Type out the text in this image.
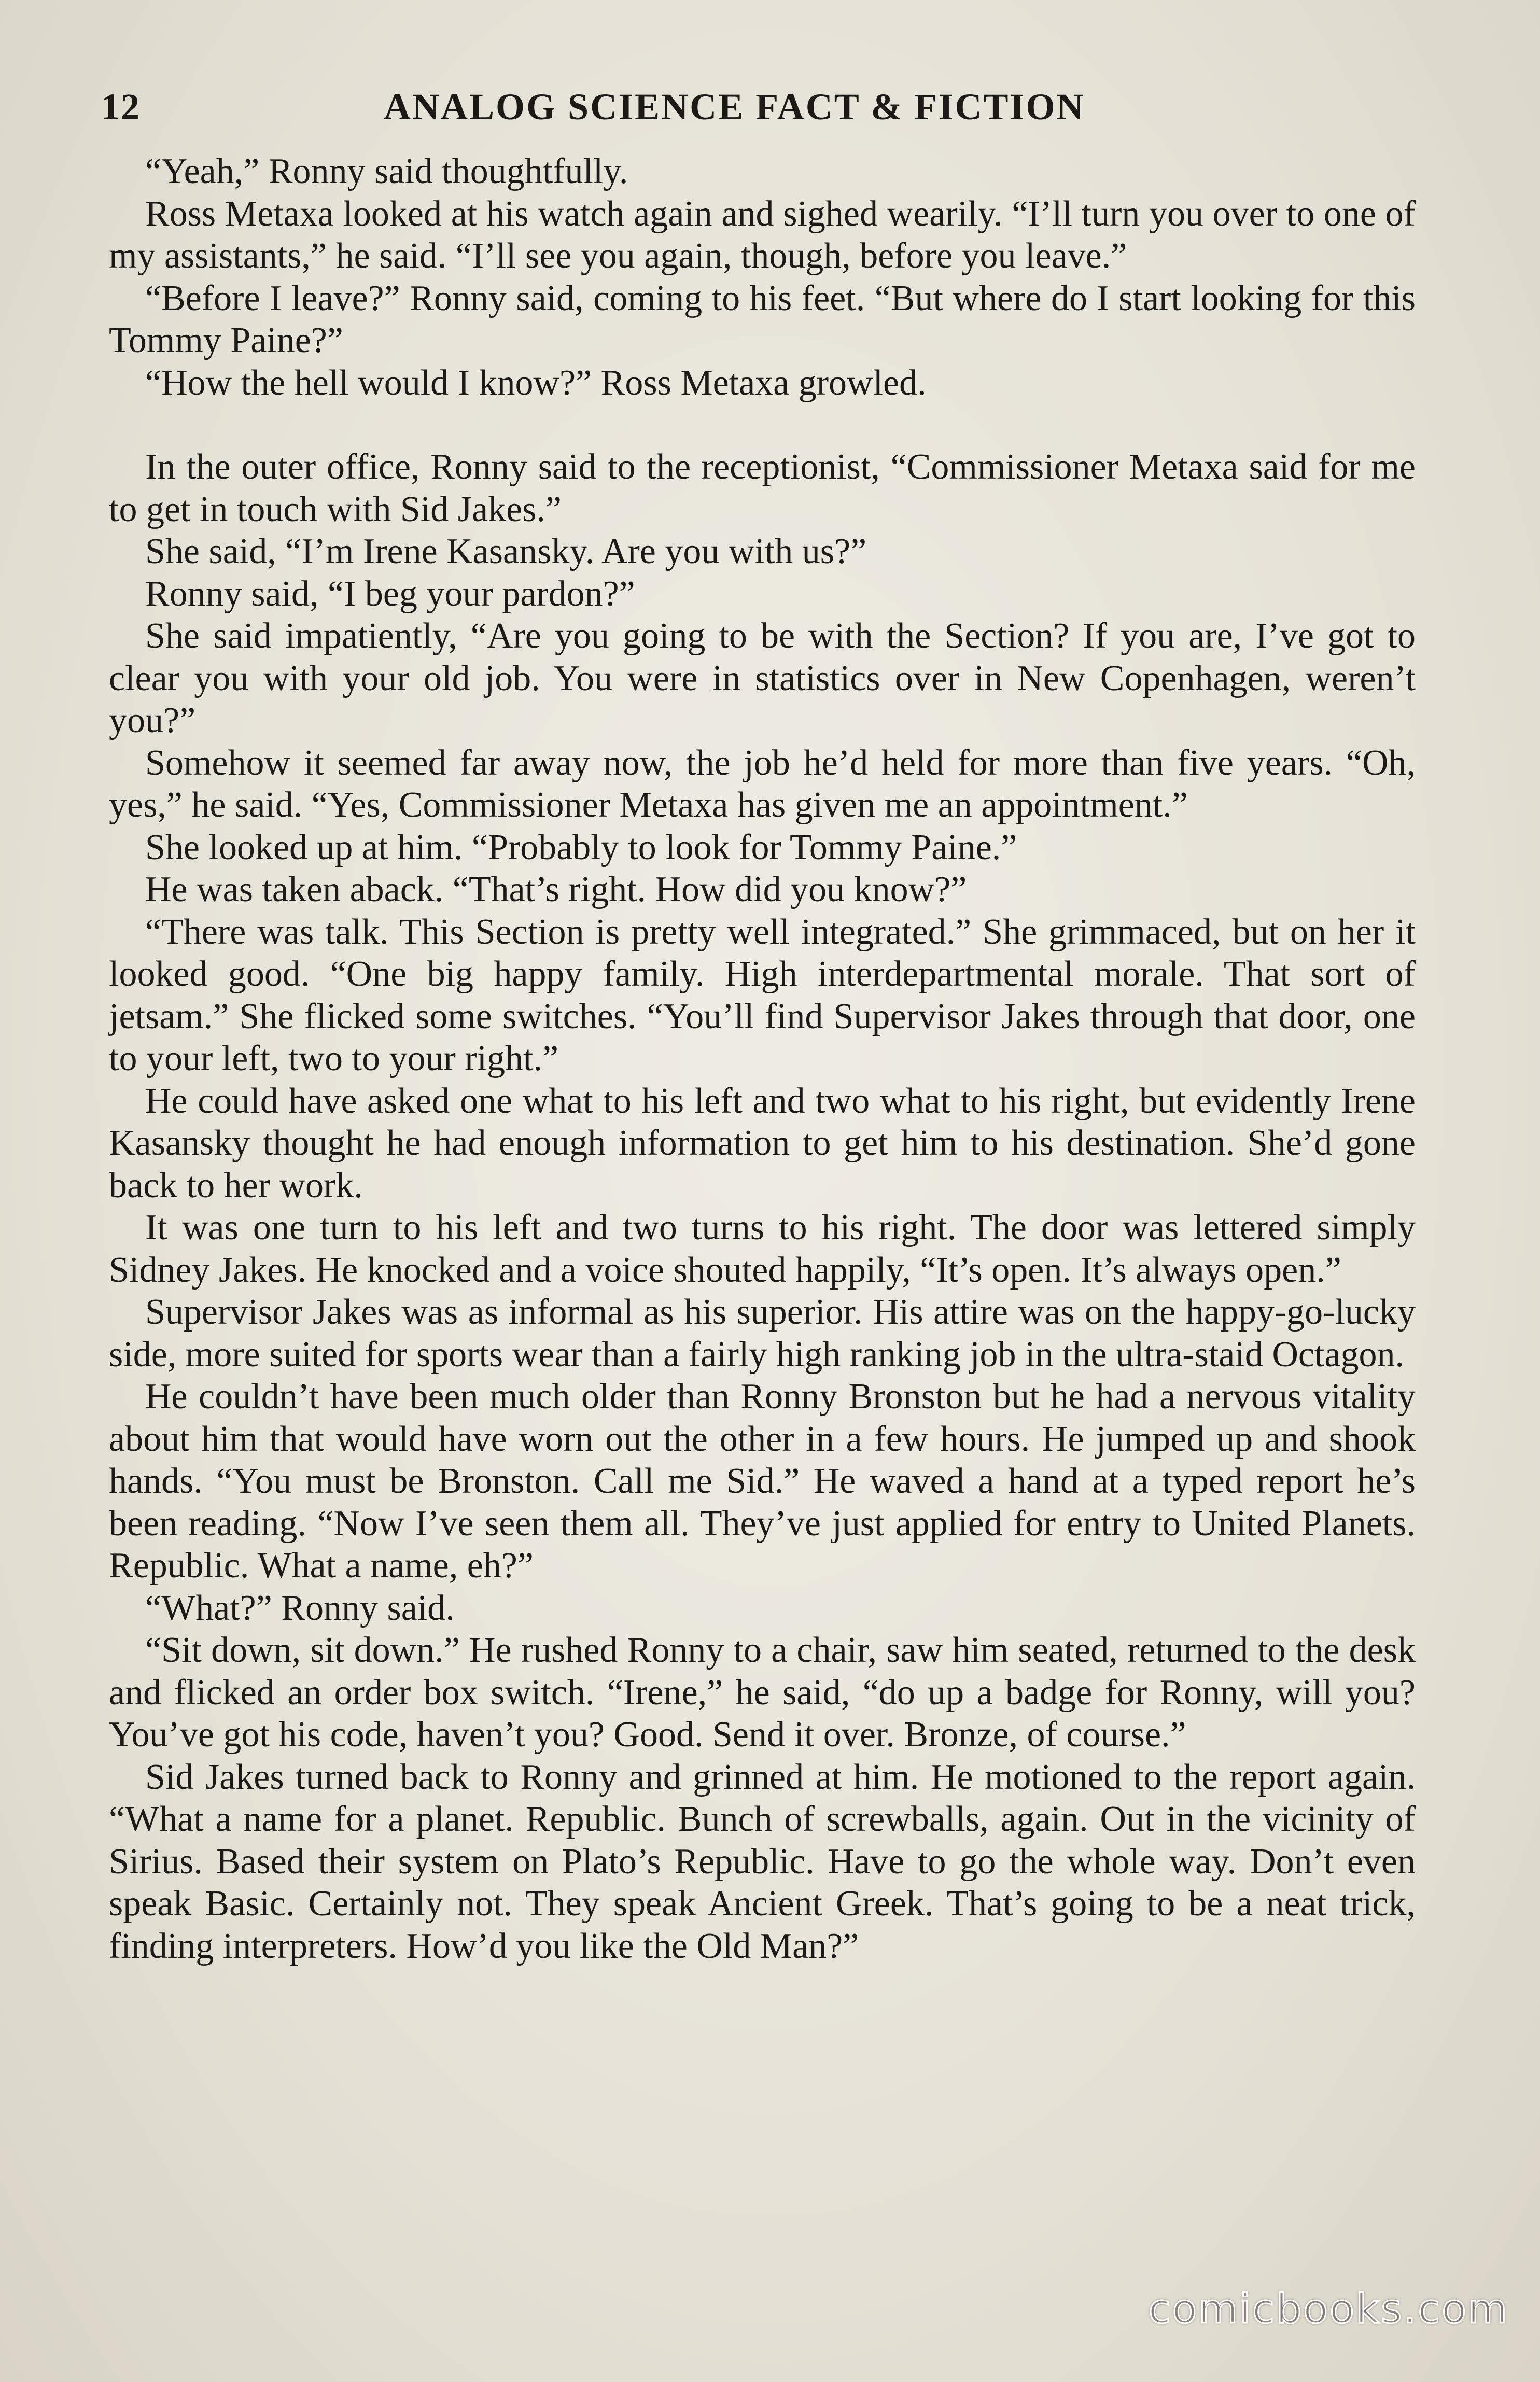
12	ANALOG SCIENCE FACT & FICTION

“Yeah,” Ronny said thoughtfully.

Ross Metaxa looked at his watch again and sighed wearily. “I’ll turn you over to one of my assistants,” he said. “I’ll see you again, though, before you leave.”

“Before I leave?” Ronny said, coming to his feet. “But where do I start looking for this Tommy Paine?”

“How the hell would I know?” Ross Metaxa growled.

In the outer office, Ronny said to the receptionist, “Commissioner Metaxa said for me to get in touch with Sid Jakes.”

She said, “I’m Irene Kasansky. Are you with us?”

Ronny said, “I beg your pardon?”

She said impatiently, “Are you going to be with the Section? If you are, I’ve got to clear you with your old job. You were in statistics over in New Copenhagen, weren’t you?”

Somehow it seemed far away now, the job he’d held for more than five years. “Oh, yes,” he said. “Yes, Commissioner Metaxa has given me an appointment.”

She looked up at him. “Probably to look for Tommy Paine.”

He was taken aback. “That’s right. How did you know?”

“There was talk. This Section is pretty well integrated.” She grimmaced, but on her it looked good. “One big happy family. High interdepartmental morale. That sort of jetsam.” She flicked some switches. “You’ll find Supervisor Jakes through that door, one to your left, two to your right.”

He could have asked one what to his left and two what to his right, but evidently Irene Kasansky thought he had enough information to get him to his destination. She’d gone back to her work.

It was one turn to his left and two turns to his right. The door was lettered simply Sidney Jakes. He knocked and a voice shouted happily, “It’s open. It’s always open.”

Supervisor Jakes was as informal as his superior. His attire was on the happy-go-lucky side, more suited for sports wear than a fairly high ranking job in the ultra-staid Octagon.

He couldn’t have been much older than Ronny Bronston but he had a nervous vitality about him that would have worn out the other in a few hours. He jumped up and shook hands. “You must be Bronston. Call me Sid.” He waved a hand at a typed report he’s been reading. “Now I’ve seen them all. They’ve just applied for entry to United Planets. Republic. What a name, eh?”

“What?” Ronny said.

“Sit down, sit down.” He rushed Ronny to a chair, saw him seated, returned to the desk and flicked an order box switch. “Irene,” he said, “do up a badge for Ronny, will you? You’ve got his code, haven’t you? Good. Send it over. Bronze, of course.”

Sid Jakes turned back to Ronny and grinned at him. He motioned to the report again. “What a name for a planet. Republic. Bunch of screwballs, again. Out in the vicinity of Sirius. Based their system on Plato’s Republic. Have to go the whole way. Don’t even speak Basic. Certainly not. They speak Ancient Greek. That’s going to be a neat trick, finding interpreters. How’d you like the Old Man?”

comicbooks.com
